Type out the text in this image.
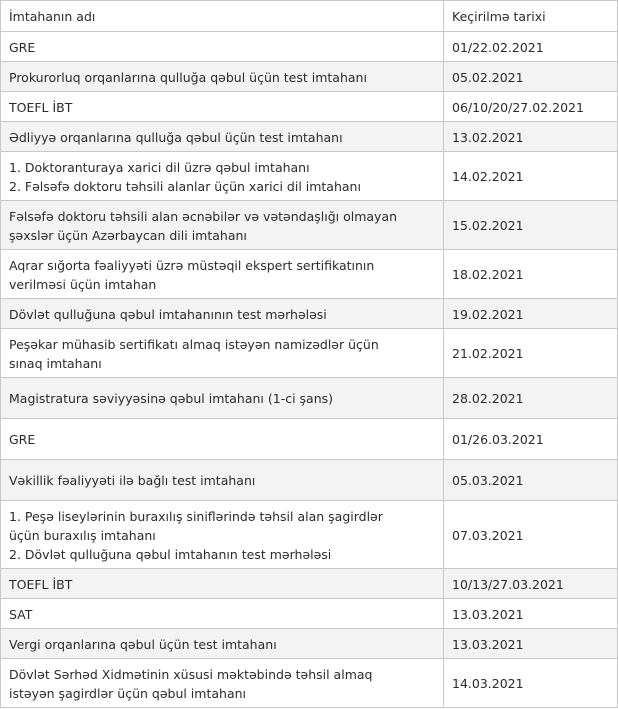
İmtahanın adı	Keçirilmə tarixi
GRE	01/22.02.2021
Prokurorluq orqanlarına qulluğa qəbul üçün test imtahanı	05.02.2021
TOEFL İBT	06/10/20/27.02.2021
Ədliyyə orqanlarına qulluğa qəbul üçün test imtahanı	13.02.2021
1. Doktoranturaya xarici dil üzrə qəbul imtahanı
2. Fəlsəfə doktoru təhsili alanlar üçün xarici dil imtahanı	14.02.2021
Fəlsəfə doktoru təhsili alan əcnəbilər və vətəndaşlığı olmayan
şəxslər üçün Azərbaycan dili imtahanı	15.02.2021
Aqrar sığorta fəaliyyəti üzrə müstəqil ekspert sertifikatının
verilməsi üçün imtahan	18.02.2021
Dövlət qulluğuna qəbul imtahanının test mərhələsi	19.02.2021
Peşəkar mühasib sertifikatı almaq istəyən namizədlər üçün
sınaq imtahanı	21.02.2021
Magistratura səviyyəsinə qəbul imtahanı (1-ci şans)	28.02.2021
GRE	01/26.03.2021
Vəkillik fəaliyyəti ilə bağlı test imtahanı	05.03.2021
1. Peşə liseylərinin buraxılış siniflərində təhsil alan şagirdlər
üçün buraxılış imtahanı
2. Dövlət qulluğuna qəbul imtahanın test mərhələsi	07.03.2021
TOEFL İBT	10/13/27.03.2021
SAT	13.03.2021
Vergi orqanlarına qəbul üçün test imtahanı	13.03.2021
Dövlət Sərhəd Xidmətinin xüsusi məktəbində təhsil almaq
istəyən şagirdlər üçün qəbul imtahanı	14.03.2021
